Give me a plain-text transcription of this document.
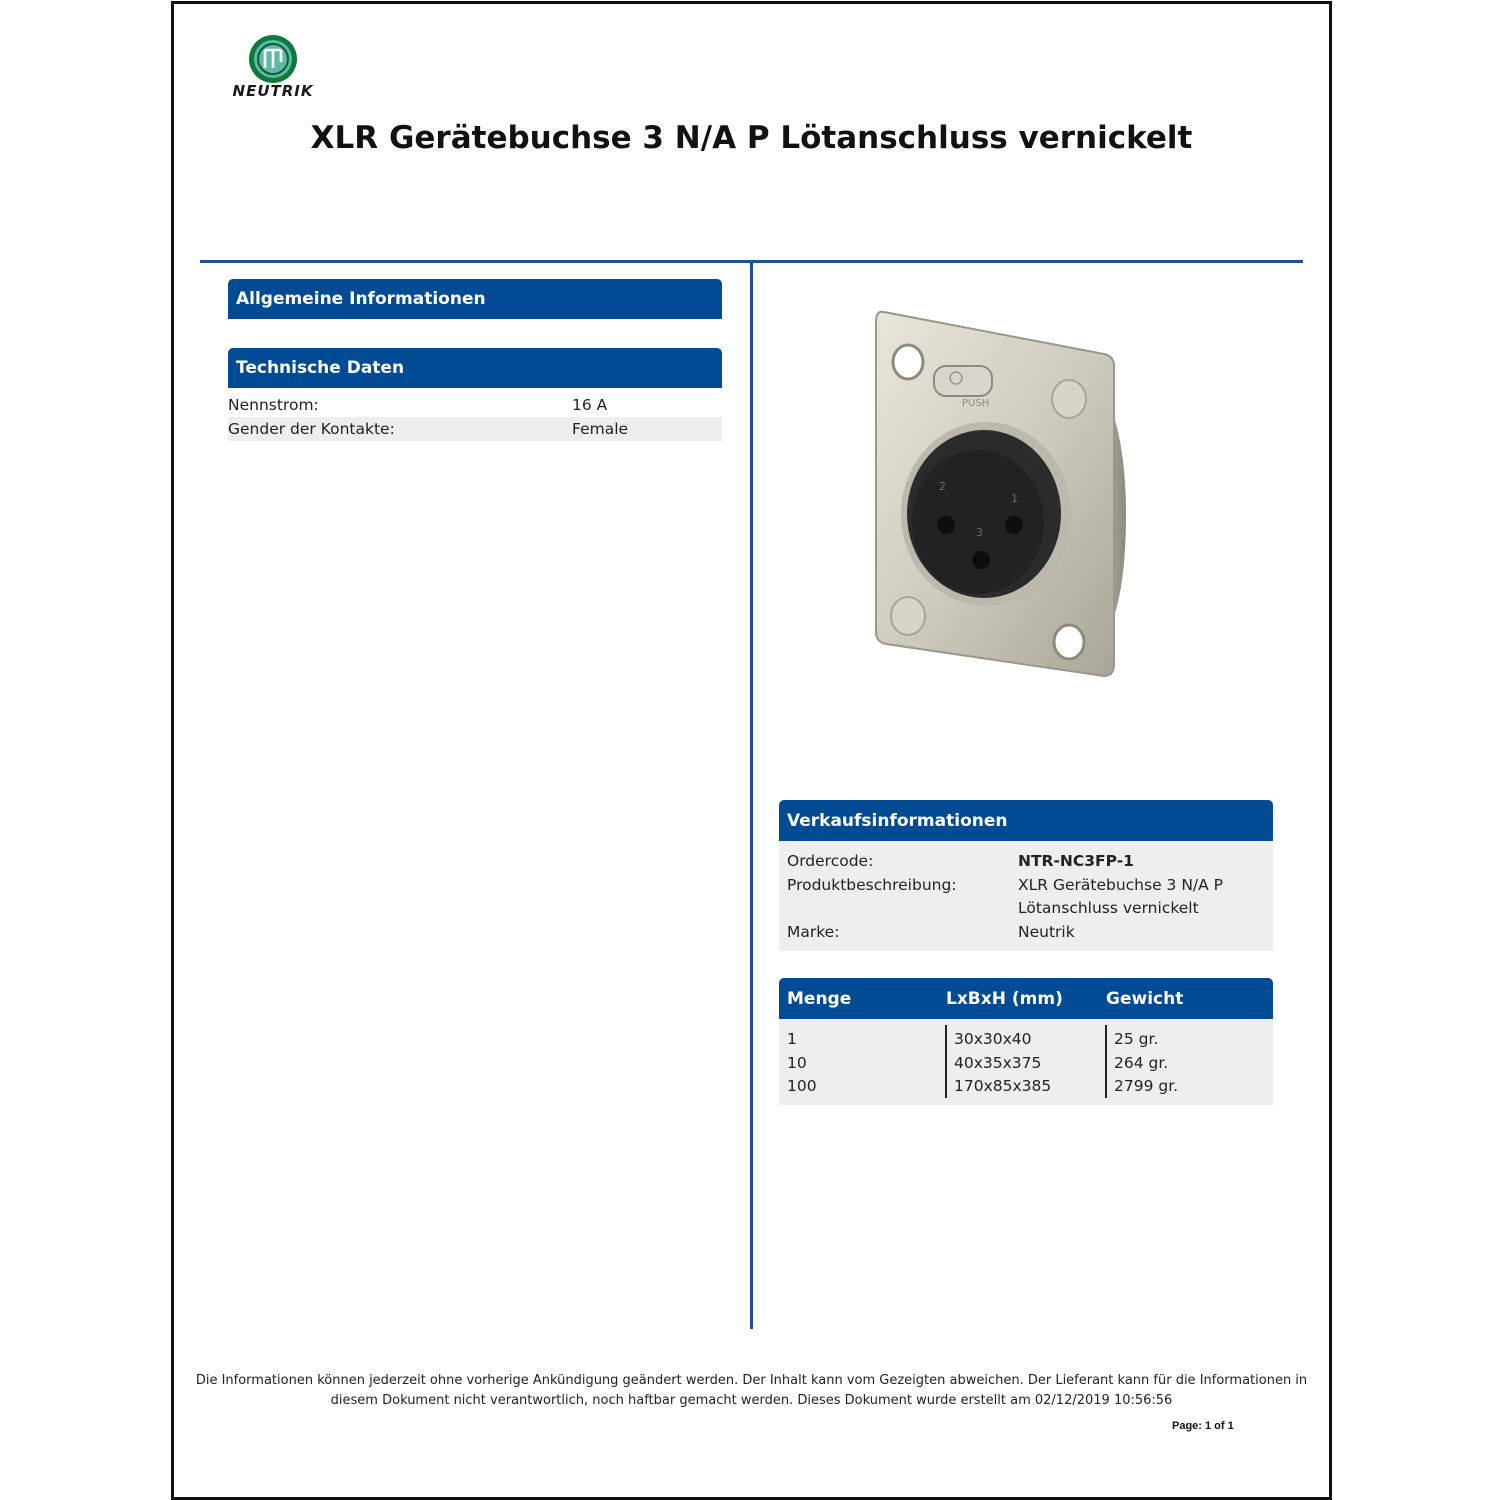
NEUTRIK
XLR Gerätebuchse 3 N/A P Lötanschluss vernickelt
Allgemeine Informationen
Technische Daten
Nennstrom:	16 A
Gender der Kontakte:	Female
PUSH
2
1
3
Verkaufsinformationen
Ordercode:	NTR-NC3FP-1
Produktbeschreibung:	XLR Gerätebuchse 3 N/A P
Lötanschluss vernickelt
Marke:	Neutrik
Menge	LxBxH (mm)	Gewicht
1	30x30x40	25 gr.
10	40x35x375	264 gr.
100	170x85x385	2799 gr.
Die Informationen können jederzeit ohne vorherige Ankündigung geändert werden. Der Inhalt kann vom Gezeigten abweichen. Der Lieferant kann für die Informationen in
diesem Dokument nicht verantwortlich, noch haftbar gemacht werden. Dieses Dokument wurde erstellt am 02/12/2019 10:56:56
Page: 1 of 1
